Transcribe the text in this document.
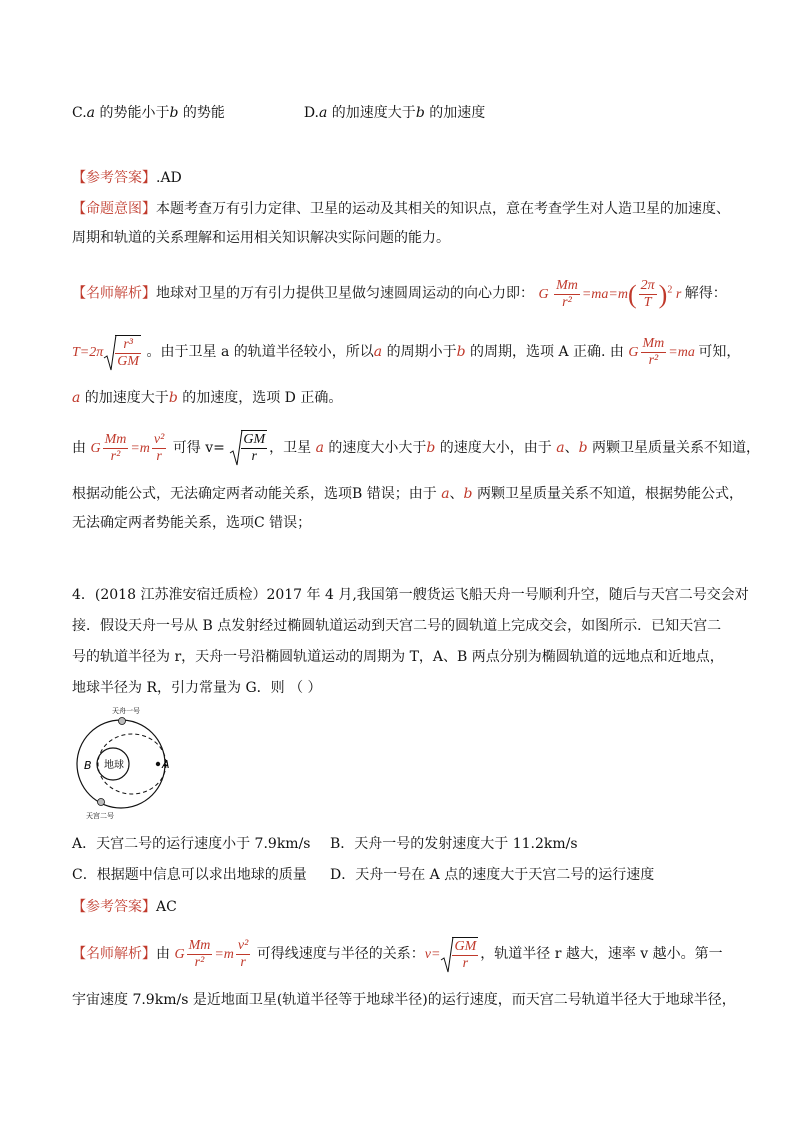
C.a 的势能小于b 的势能	D.a 的加速度大于b 的加速度
【参考答案】.AD
【命题意图】本题考查万有引力定律、卫星的运动及其相关的知识点，意在考查学生对人造卫星的加速度、
周期和轨道的关系理解和运用相关知识解决实际问题的能力。
【名师解析】地球对卫星的万有引力提供卫星做匀速圆周运动的向心力即： G $\frac{Mm}{\text{r²}} =ma=m( \frac{2\pi}{T} )^2$ r 解得：
$T=2\pi \frac{\text{r³}}{GM}$ 。由于卫星 a 的轨道半径较小，所以a 的周期小于b 的周期，选项 A 正确. 由 G $\frac{Mm}{\text{r²}} =ma$ 可知，
a 的加速度大于b 的加速度，选项 D 正确。
由 G $\frac{Mm}{\text{r²}} =m \frac{\text{v²}}{r}$ 可得 $v= \frac{GM}{r}$ ，卫星 a 的速度大小大于b 的速度大小，由于 a、b 两颗卫星质量关系不知道，
根据动能公式，无法确定两者动能关系，选项B 错误；由于 a、b 两颗卫星质量关系不知道，根据势能公式，
无法确定两者势能关系，选项C 错误；
4．(2018 江苏淮安宿迁质检）2017 年 4 月,我国第一艘货运飞船天舟一号顺利升空，随后与天宫二号交会对
接．假设天舟一号从 B 点发射经过椭圆轨道运动到天宫二号的圆轨道上完成交会，如图所示．已知天宫二
号的轨道半径为 r，天舟一号沿椭圆轨道运动的周期为 T，A、B 两点分别为椭圆轨道的远地点和近地点，
地球半径为 R，引力常量为 G．则 （ ）
地球	A
B
天舟一号
天宫二号
A．天宫二号的运行速度小于 7.9km/s B．天舟一号的发射速度大于 11.2km/s
C．根据题中信息可以求出地球的质量 D．天舟一号在 A 点的速度大于天宫二号的运行速度
【参考答案】AC
【名师解析】由 G $\frac{Mm}{\text{r²}} =m \frac{\text{v²}}{r}$ 可得线速度与半径的关系：$v= \frac{GM}{r}$ ，轨道半径 r 越大，速率 v 越小。第一
宇宙速度 7.9km/s 是近地面卫星(轨道半径等于地球半径)的运行速度，而天宫二号轨道半径大于地球半径，
